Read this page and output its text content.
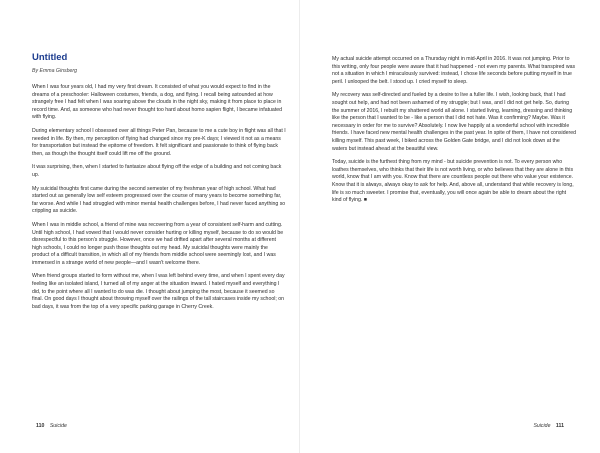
Untitled
By Emma Ginsberg

When I was four years old, I had my very first dream. It consisted of what you would expect to find in the dreams of a preschooler: Halloween costumes, friends, a dog, and flying. I recall being astounded at how strangely free I had felt when I was soaring above the clouds in the night sky, making it from place to place in record time. And, as someone who had never thought too hard about homo sapien flight, I became infatuated with flying.

During elementary school I obsessed over all things Peter Pan, because to me a cute boy in flight was all that I needed in life. By then, my perception of flying had changed since my pre-K days; I viewed it not as a means for transportation but instead the epitome of freedom. It felt significant and passionate to think of flying back then, as though the thought itself could lift me off the ground.

It was surprising, then, when I started to fantasize about flying off the edge of a building and not coming back up.

My suicidal thoughts first came during the second semester of my freshman year of high school. What had started out as generally low self esteem progressed over the course of many years to become something far, far worse. And while I had struggled with minor mental health challenges before, I had never faced anything so crippling as suicide.

When I was in middle school, a friend of mine was recovering from a year of consistent self-harm and cutting. Until high school, I had vowed that I would never consider hurting or killing myself, because to do so would be disrespectful to this person's struggle. However, once we had drifted apart after several months at different high schools, I could no longer push those thoughts out my head. My suicidal thoughts were mainly the product of a difficult transition, in which all of my friends from middle school were seemingly lost, and I was immersed in a strange world of new people—and I wasn't welcome there.

When friend groups started to form without me, when I was left behind every time, and when I spent every day feeling like an isolated island, I turned all of my anger at the situation inward. I hated myself and everything I did, to the point where all I wanted to do was die. I thought about jumping the most, because it seemed so final. On good days I thought about throwing myself over the railings of the tall staircases inside my school; on bad days, it was from the top of a very specific parking garage in Cherry Creek.

110 Suicide

My actual suicide attempt occurred on a Thursday night in mid-April in 2016. It was not jumping. Prior to this writing, only four people were aware that it had happened - not even my parents. What transpired was not a situation in which I miraculously survived: instead, I chose life seconds before putting myself in true peril. I unlooped the belt. I stood up. I cried myself to sleep.

My recovery was self-directed and fueled by a desire to live a fuller life. I wish, looking back, that I had sought out help, and had not been ashamed of my struggle; but I was, and I did not get help. So, during the summer of 2016, I rebuilt my shattered world all alone. I started living, learning, dressing and thinking like the person that I wanted to be - like a person that I did not hate. Was it confirming? Maybe. Was it necessary in order for me to survive? Absolutely. I now live happily at a wonderful school with incredible friends. I have faced new mental health challenges in the past year. In spite of them, I have not considered killing myself. This past week, I biked across the Golden Gate bridge, and I did not look down at the waters but instead ahead at the beautiful view.

Today, suicide is the furthest thing from my mind - but suicide prevention is not. To every person who loathes themselves, who thinks that their life is not worth living, or who believes that they are alone in this world, know that I am with you. Know that there are countless people out there who value your existence. Know that it is always, always okay to ask for help. And, above all, understand that while recovery is long, life is so much sweeter. I promise that, eventually, you will once again be able to dream about the right kind of flying. ■

Suicide 111
